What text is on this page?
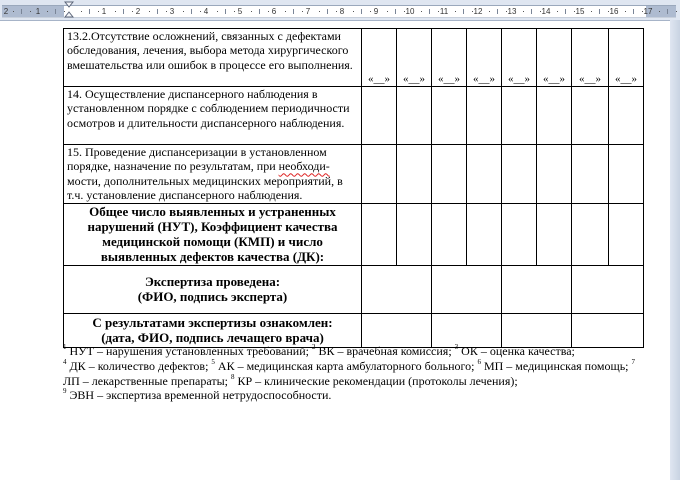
2	1	1	2	3	4	5	6	7	8	9	10	11	12	13	14	15	16	17
13.2.Отсутствие осложнений, связанных с дефектами обследования, лечения, выбора метода хирургического вмешательства или ошибок в процессе его выполнения.	«__»	«__»	«__»	«__»	«__»	«__»	«__»	«__»
14. Осуществление диспансерного наблюдения в установленном порядке с соблюдением периодичности осмотров и длительности диспансерного наблюдения.								
15. Проведение диспансеризации в установленном порядке, назначение по результатам, при необходи-мости, дополнительных медицинских мероприятий, в т.ч. установление диспансерного наблюдения.								
Общее число выявленных и устраненных нарушений (НУТ), Коэффициент качества медицинской помощи (КМП) и число выявленных дефектов качества (ДК):								
Экспертиза проведена:
(ФИО, подпись эксперта)								
С результатами экспертизы ознакомлен:
(дата, ФИО, подпись лечащего врача)								

$^1$ НУТ – нарушения установленных требований; $^2$ ВК – врачебная комиссия; $^3$ ОК – оценка качества;

$^4$ ДК – количество дефектов; $^5$ АК – медицинская карта амбулаторного больного; $^6$ МП – медицинская помощь; $^7$ ЛП – лекарственные препараты; $^8$ КР – клинические рекомендации (протоколы лечения);

$^9$ ЭВН – экспертиза временной нетрудоспособности.
